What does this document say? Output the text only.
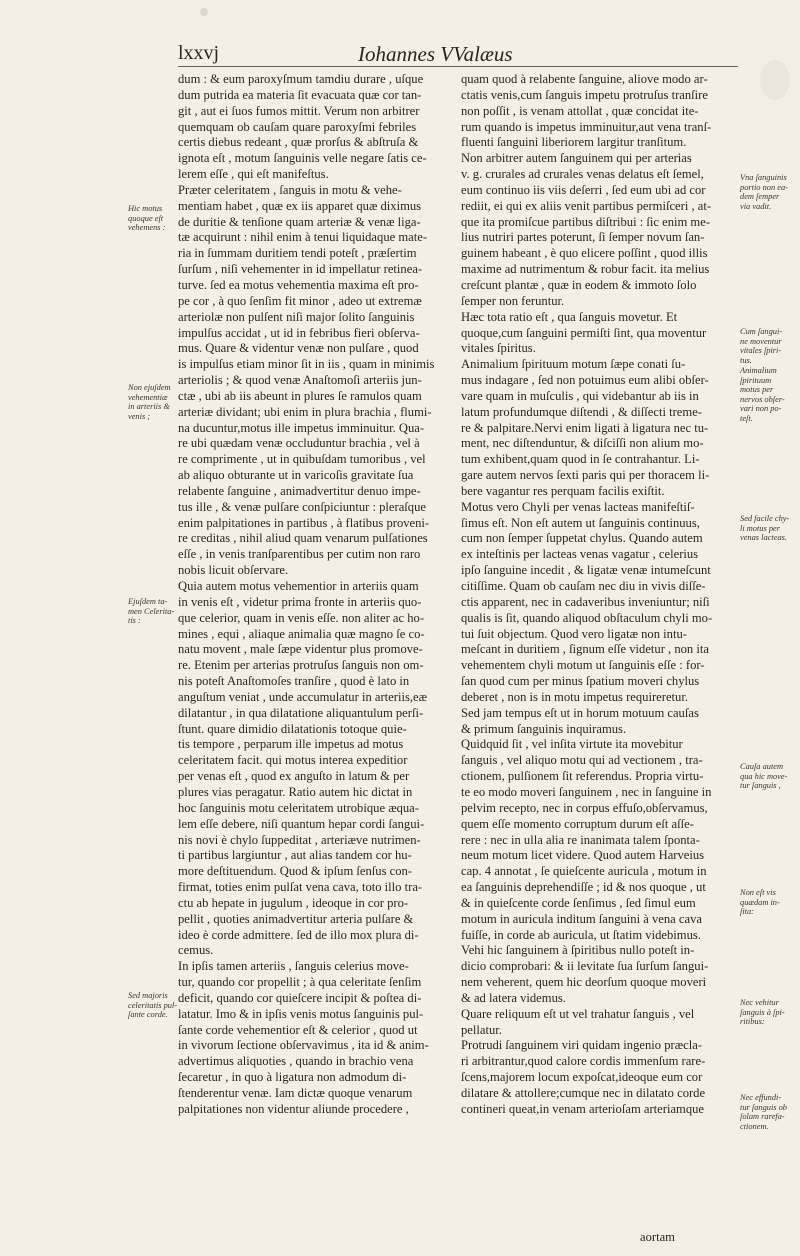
lxxvj	Iohannes VValæus
dum : & eum paroxyſmum tamdiu durare , uſque
dum putrida ea materia ſit evacuata quæ cor tan-
git , aut ei ſuos fumos mittit. Verum non arbitrer
quemquam ob cauſam quare paroxyſmi febriles
certis diebus redeant , quæ prorſus & abſtruſa &
ignota eſt , motum ſanguinis velle negare ſatis ce-
lerem eſſe , qui eſt manifeſtus.
Præter celeritatem , ſanguis in motu & vehe-
mentiam habet , quæ ex iis apparet quæ diximus
de duritie & tenſione quam arteriæ & venæ liga-
tæ acquirunt : nihil enim à tenui liquidaque mate-
ria in ſummam duritiem tendi poteſt , præſertim
ſurſum , niſi vehementer in id impellatur retinea-
turve. ſed ea motus vehementia maxima eſt pro-
pe cor , à quo ſenſim fit minor , adeo ut extremæ
arteriolæ non pulſent niſi major ſolito ſanguinis
impulſus accidat , ut id in febribus fieri obſerva-
mus. Quare & videntur venæ non pulſare , quod
is impulſus etiam minor ſit in iis , quam in minimis
arteriolis ; & quod venæ Anaſtomoſi arteriis jun-
ctæ , ubi ab iis abeunt in plures ſe ramulos quam
arteriæ dividant; ubi enim in plura brachia , flumi-
na ducuntur,motus ille impetus imminuitur. Qua-
re ubi quædam venæ occluduntur brachia , vel à
re comprimente , ut in quibuſdam tumoribus , vel
ab aliquo obturante ut in varicoſis gravitate ſua
relabente ſanguine , animadvertitur denuo impe-
tus ille , & venæ pulſare conſpiciuntur : pleraſque
enim palpitationes in partibus , à flatibus proveni-
re creditas , nihil aliud quam venarum pulſationes
eſſe , in venis tranſparentibus per cutim non raro
nobis licuit obſervare.
Quia autem motus vehementior in arteriis quam
in venis eſt , videtur prima fronte in arteriis quo-
que celerior, quam in venis eſſe. non aliter ac ho-
mines , equi , aliaque animalia quæ magno ſe co-
natu movent , male ſæpe videntur plus promove-
re. Etenim per arterias protruſus ſanguis non om-
nis poteſt Anaſtomoſes tranſire , quod è lato in
anguſtum veniat , unde accumulatur in arteriis,eæ
dilatantur , in qua dilatatione aliquantulum perſi-
ſtunt. quare dimidio dilatationis totoque quie-
tis tempore , perparum ille impetus ad motus
celeritatem facit. qui motus interea expeditior
per venas eſt , quod ex anguſto in latum & per
plures vias peragatur. Ratio autem hic dictat in
hoc ſanguinis motu celeritatem utrobique æqua-
lem eſſe debere, niſi quantum hepar cordi ſangui-
nis novi è chylo ſuppeditat , arteriæve nutrimen-
ti partibus largiuntur , aut alias tandem cor hu-
more deſtituendum. Quod & ipſum ſenſus con-
firmat, toties enim pulſat vena cava, toto illo tra-
ctu ab hepate in jugulum , ideoque in cor pro-
pellit , quoties animadvertitur arteria pulſare &
ideo è corde admittere. ſed de illo mox plura di-
cemus.
In ipſis tamen arteriis , ſanguis celerius move-
tur, quando cor propellit ; à qua celeritate ſenſim
deficit, quando cor quieſcere incipit & poſtea di-
latatur. Imo & in ipſis venis motus ſanguinis pul-
ſante corde vehementior eſt & celerior , quod ut
in vivorum ſectione obſervavimus , ita id & anim-
advertimus aliquoties , quando in brachio vena
ſecaretur , in quo à ligatura non admodum di-
ſtenderentur venæ. Iam dictæ quoque venarum
palpitationes non videntur aliunde procedere ,
quam quod à relabente ſanguine, aliove modo ar-
ctatis venis,cum ſanguis impetu protruſus tranſire
non poſſit , is venam attollat , quæ concidat ite-
rum quando is impetus imminuitur,aut vena tranſ-
fluenti ſanguini liberiorem largitur tranſitum.
Non arbitrer autem ſanguinem qui per arterias
v. g. crurales ad crurales venas delatus eſt ſemel,
eum continuo iis viis deſerri , ſed eum ubi ad cor
rediit, ei qui ex aliis venit partibus permiſceri , at-
que ita promiſcue partibus diſtribui : ſic enim me-
lius nutriri partes poterunt, ſi ſemper novum ſan-
guinem habeant , è quo elicere poſſint , quod illis
maxime ad nutrimentum & robur facit. ita melius
creſcunt plantæ , quæ in eodem & immoto ſolo
ſemper non feruntur.
Hæc tota ratio eſt , qua ſanguis movetur. Et
quoque,cum ſanguini permiſti ſint, qua moventur
vitales ſpiritus.
Animalium ſpirituum motum ſæpe conati ſu-
mus indagare , ſed non potuimus eum alibi obſer-
vare quam in muſculis , qui videbantur ab iis in
latum profundumque diſtendi , & diſſecti treme-
re & palpitare.Nervi enim ligati à ligatura nec tu-
ment, nec diſtenduntur, & diſciſſi non alium mo-
tum exhibent,quam quod in ſe contrahantur. Li-
gare autem nervos ſexti paris qui per thoracem li-
bere vagantur res perquam facilis exiſtit.
Motus vero Chyli per venas lacteas manifeſtiſ-
ſimus eſt. Non eſt autem ut ſanguinis continuus,
cum non ſemper ſuppetat chylus. Quando autem
ex inteſtinis per lacteas venas vagatur , celerius
ipſo ſanguine incedit , & ligatæ venæ intumeſcunt
citiſſime. Quam ob cauſam nec diu in vivis diſſe-
ctis apparent, nec in cadaveribus inveniuntur; niſi
qualis is ſit, quando aliquod obſtaculum chyli mo-
tui ſuit objectum. Quod vero ligatæ non intu-
meſcant in duritiem , ſignum eſſe videtur , non ita
vehementem chyli motum ut ſanguinis eſſe : for-
ſan quod cum per minus ſpatium moveri chylus
deberet , non is in motu impetus requireretur.
Sed jam tempus eſt ut in horum motuum cauſas
& primum ſanguinis inquiramus.
Quidquid ſit , vel inſita virtute ita movebitur
ſanguis , vel aliquo motu qui ad vectionem , tra-
ctionem, pulſionem ſit referendus. Propria virtu-
te eo modo moveri ſanguinem , nec in ſanguine in
pelvim recepto, nec in corpus effuſo,obſervamus,
quem eſſe momento corruptum durum eſt aſſe-
rere : nec in ulla alia re inanimata talem ſponta-
neum motum licet videre. Quod autem Harveius
cap. 4 annotat , ſe quieſcente auricula , motum in
ea ſanguinis deprehendiſſe ; id & nos quoque , ut
& in quieſcente corde ſenſimus , ſed ſimul eum
motum in auricula inditum ſanguini à vena cava
fuiſſe, in corde ab auricula, ut ſtatim videbimus.
Vehi hic ſanguinem à ſpiritibus nullo poteſt in-
dicio comprobari: & ii levitate ſua ſurſum ſangui-
nem veherent, quem hic deorſum quoque moveri
& ad latera videmus.
Quare reliquum eſt ut vel trahatur ſanguis , vel
pellatur.
Protrudi ſanguinem viri quidam ingenio præcla-
ri arbitrantur,quod calore cordis immenſum rare-
ſcens,majorem locum expoſcat,ideoque eum cor
dilatare & attollere;cumque nec in dilatato corde
contineri queat,in venam arterioſam arteriamque
Hic motus
quoque eſt
vehemens :
Non ejuſdem
vehementiæ
in arteriis &
venis ;
Ejuſdem ta-
men Celerita-
tis :
Sed majoris
celeritatis pul-
ſante corde.
Vna ſanguinis
portio non ea-
dem ſemper
via vadit.
Cum ſangui-
ne moventur
vitales ſpiri-
tus.
Animalium
ſpirituum
motus per
nervos obſer-
vari non po-
teſt.
Sed facile chy-
li motus per
venas lacteas.
Cauſa autem
qua hic move-
tur ſanguis ,
Non eſt vis
quædam in-
ſita:
Nec vehitur
ſanguis à ſpi-
ritibus:
Nec effundi-
tur ſanguis ob
ſolam rarefa-
ctionem.
aortam
